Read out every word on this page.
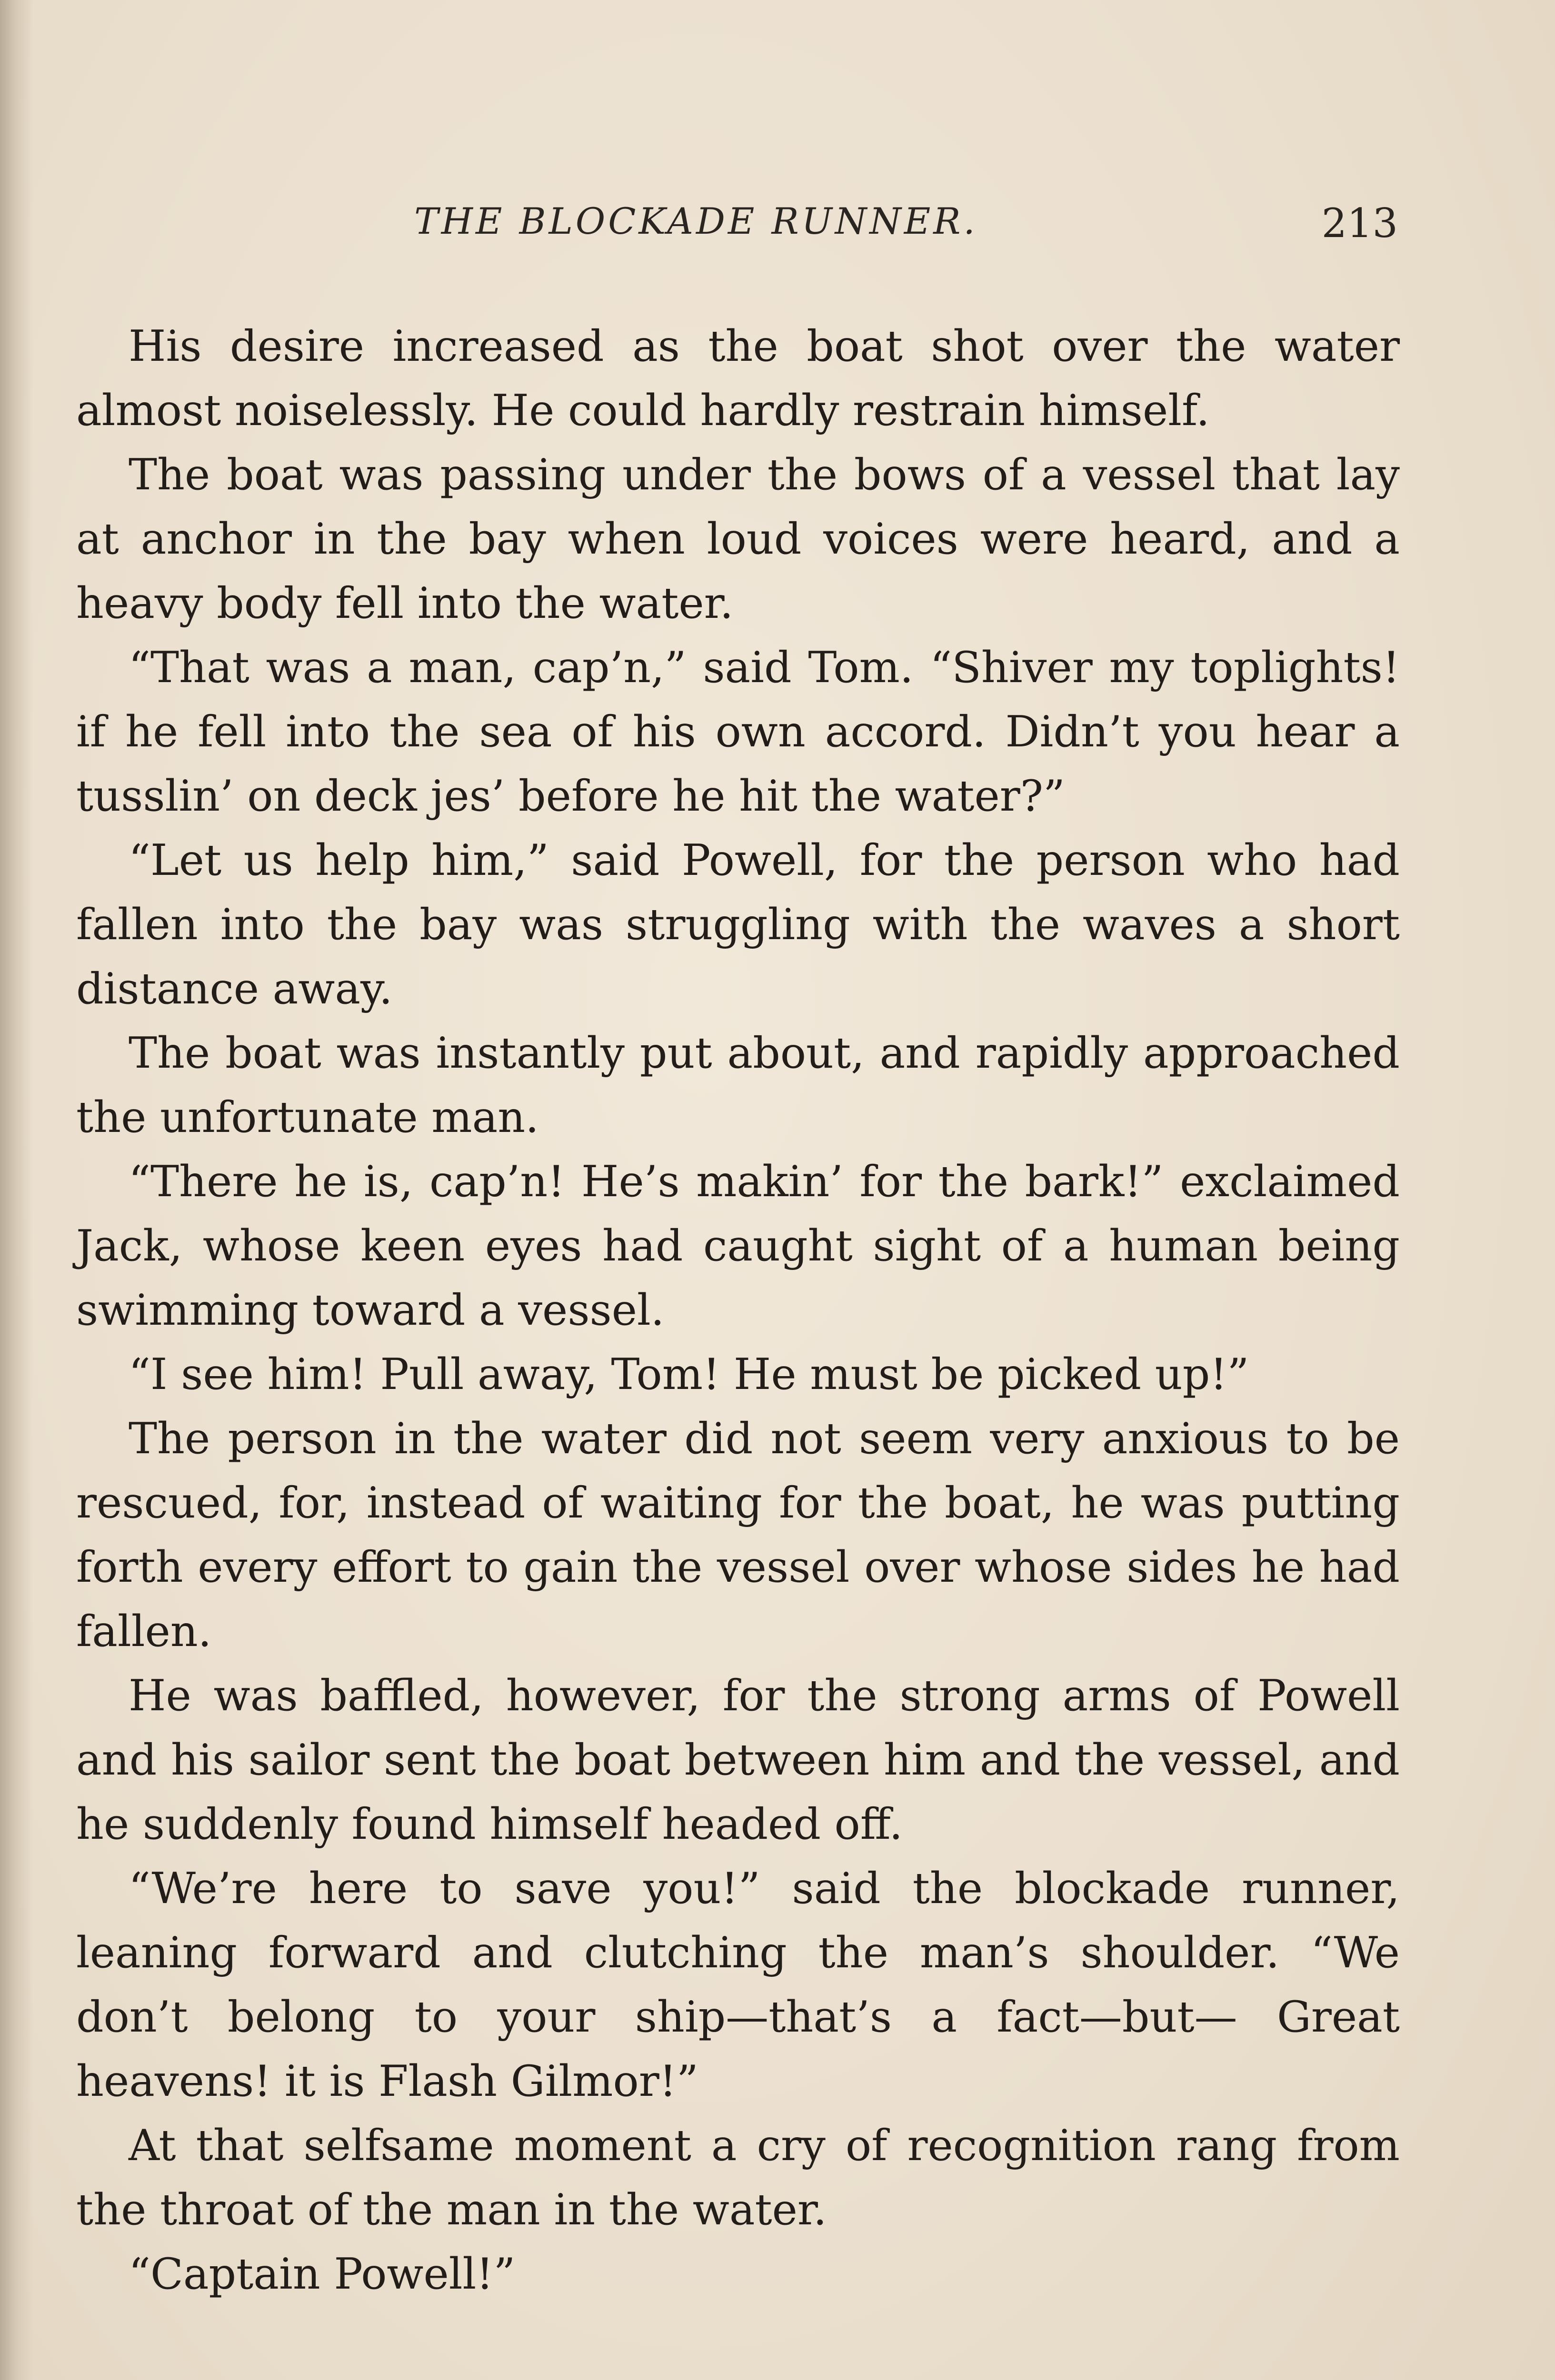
THE BLOCKADE RUNNER.	213

His desire increased as the boat shot over the water almost noiselessly. He could hardly restrain himself.

The boat was passing under the bows of a vessel that lay at anchor in the bay when loud voices were heard, and a heavy body fell into the water.

“That was a man, cap’n,” said Tom. “Shiver my toplights! if he fell into the sea of his own accord. Didn’t you hear a tusslin’ on deck jes’ before he hit the water?”

“Let us help him,” said Powell, for the person who had fallen into the bay was struggling with the waves a short distance away.

The boat was instantly put about, and rapidly approached the unfortunate man.

“There he is, cap’n! He’s makin’ for the bark!” exclaimed Jack, whose keen eyes had caught sight of a human being swimming toward a vessel.

“I see him! Pull away, Tom! He must be picked up!”

The person in the water did not seem very anxious to be rescued, for, instead of waiting for the boat, he was putting forth every effort to gain the vessel over whose sides he had fallen.

He was baffled, however, for the strong arms of Powell and his sailor sent the boat between him and the vessel, and he suddenly found himself headed off.

“We’re here to save you!” said the blockade runner, leaning forward and clutching the man’s shoulder. “We don’t belong to your ship—that’s a fact—but— Great heavens! it is Flash Gilmor!”

At that selfsame moment a cry of recognition rang from the throat of the man in the water.

“Captain Powell!”
